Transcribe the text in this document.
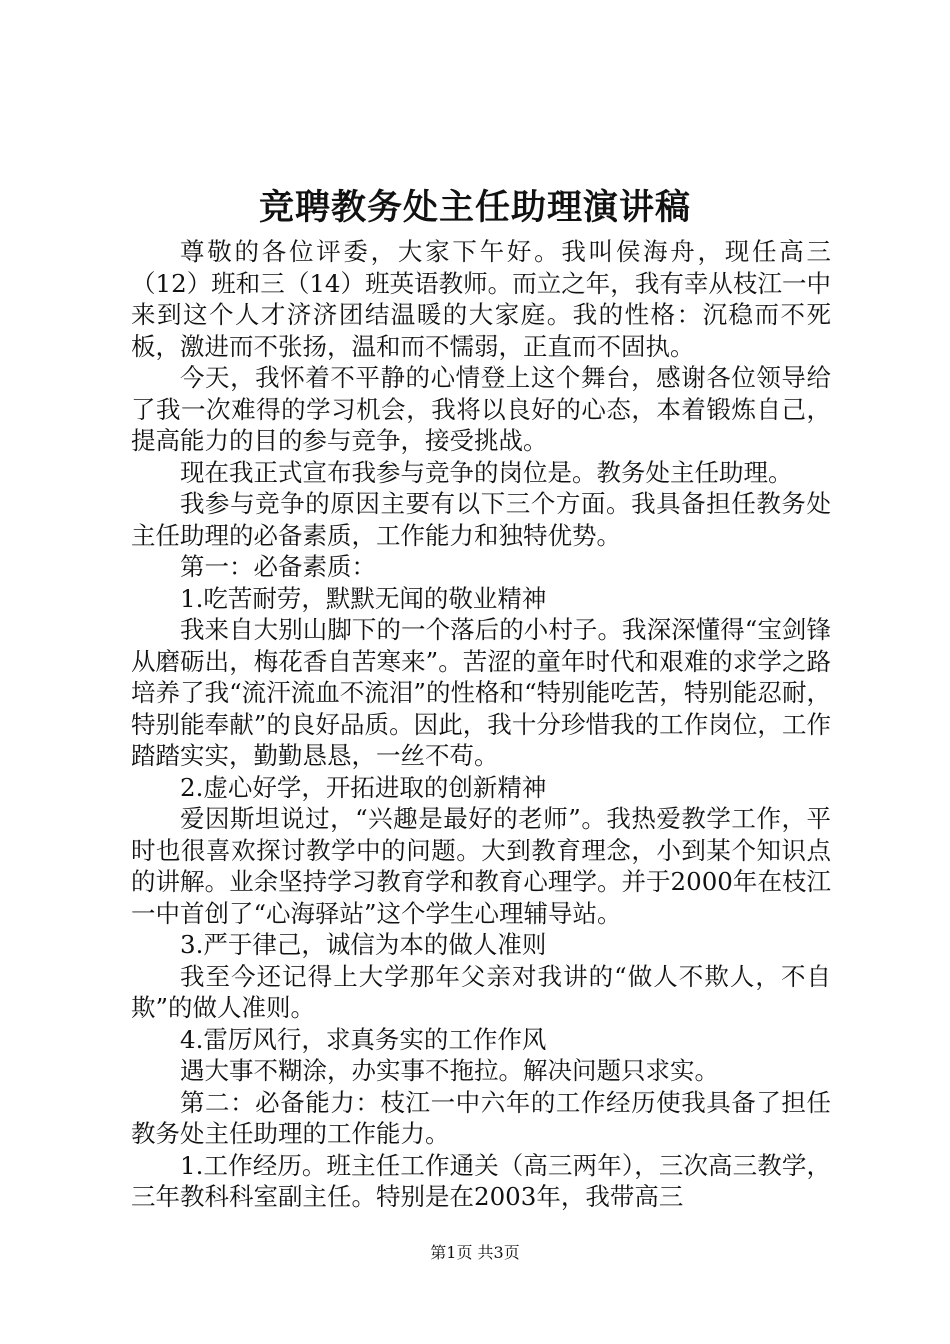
竞聘教务处主任助理演讲稿

尊敬的各位评委，大家下午好。我叫侯海舟，现任高三（12）班和三（14）班英语教师。而立之年，我有幸从枝江一中来到这个人才济济团结温暖的大家庭。我的性格：沉稳而不死板，激进而不张扬，温和而不懦弱，正直而不固执。

今天，我怀着不平静的心情登上这个舞台，感谢各位领导给了我一次难得的学习机会，我将以良好的心态，本着锻炼自己，提高能力的目的参与竞争，接受挑战。

现在我正式宣布我参与竞争的岗位是。教务处主任助理。

我参与竞争的原因主要有以下三个方面。我具备担任教务处主任助理的必备素质，工作能力和独特优势。

第一：必备素质：

1.吃苦耐劳，默默无闻的敬业精神

我来自大别山脚下的一个落后的小村子。我深深懂得“宝剑锋从磨砺出，梅花香自苦寒来”。苦涩的童年时代和艰难的求学之路培养了我“流汗流血不流泪”的性格和“特别能吃苦，特别能忍耐，特别能奉献”的良好品质。因此，我十分珍惜我的工作岗位，工作踏踏实实，勤勤恳恳，一丝不苟。

2.虚心好学，开拓进取的创新精神

爱因斯坦说过，“兴趣是最好的老师”。我热爱教学工作，平时也很喜欢探讨教学中的问题。大到教育理念，小到某个知识点的讲解。业余坚持学习教育学和教育心理学。并于2000年在枝江一中首创了“心海驿站”这个学生心理辅导站。

3.严于律己，诚信为本的做人准则

我至今还记得上大学那年父亲对我讲的“做人不欺人，不自欺”的做人准则。

4.雷厉风行，求真务实的工作作风

遇大事不糊涂，办实事不拖拉。解决问题只求实。

第二：必备能力：枝江一中六年的工作经历使我具备了担任教务处主任助理的工作能力。

1.工作经历。班主任工作通关（高三两年），三次高三教学，三年教科科室副主任。特别是在2003年，我带高三

第1页 共3页
